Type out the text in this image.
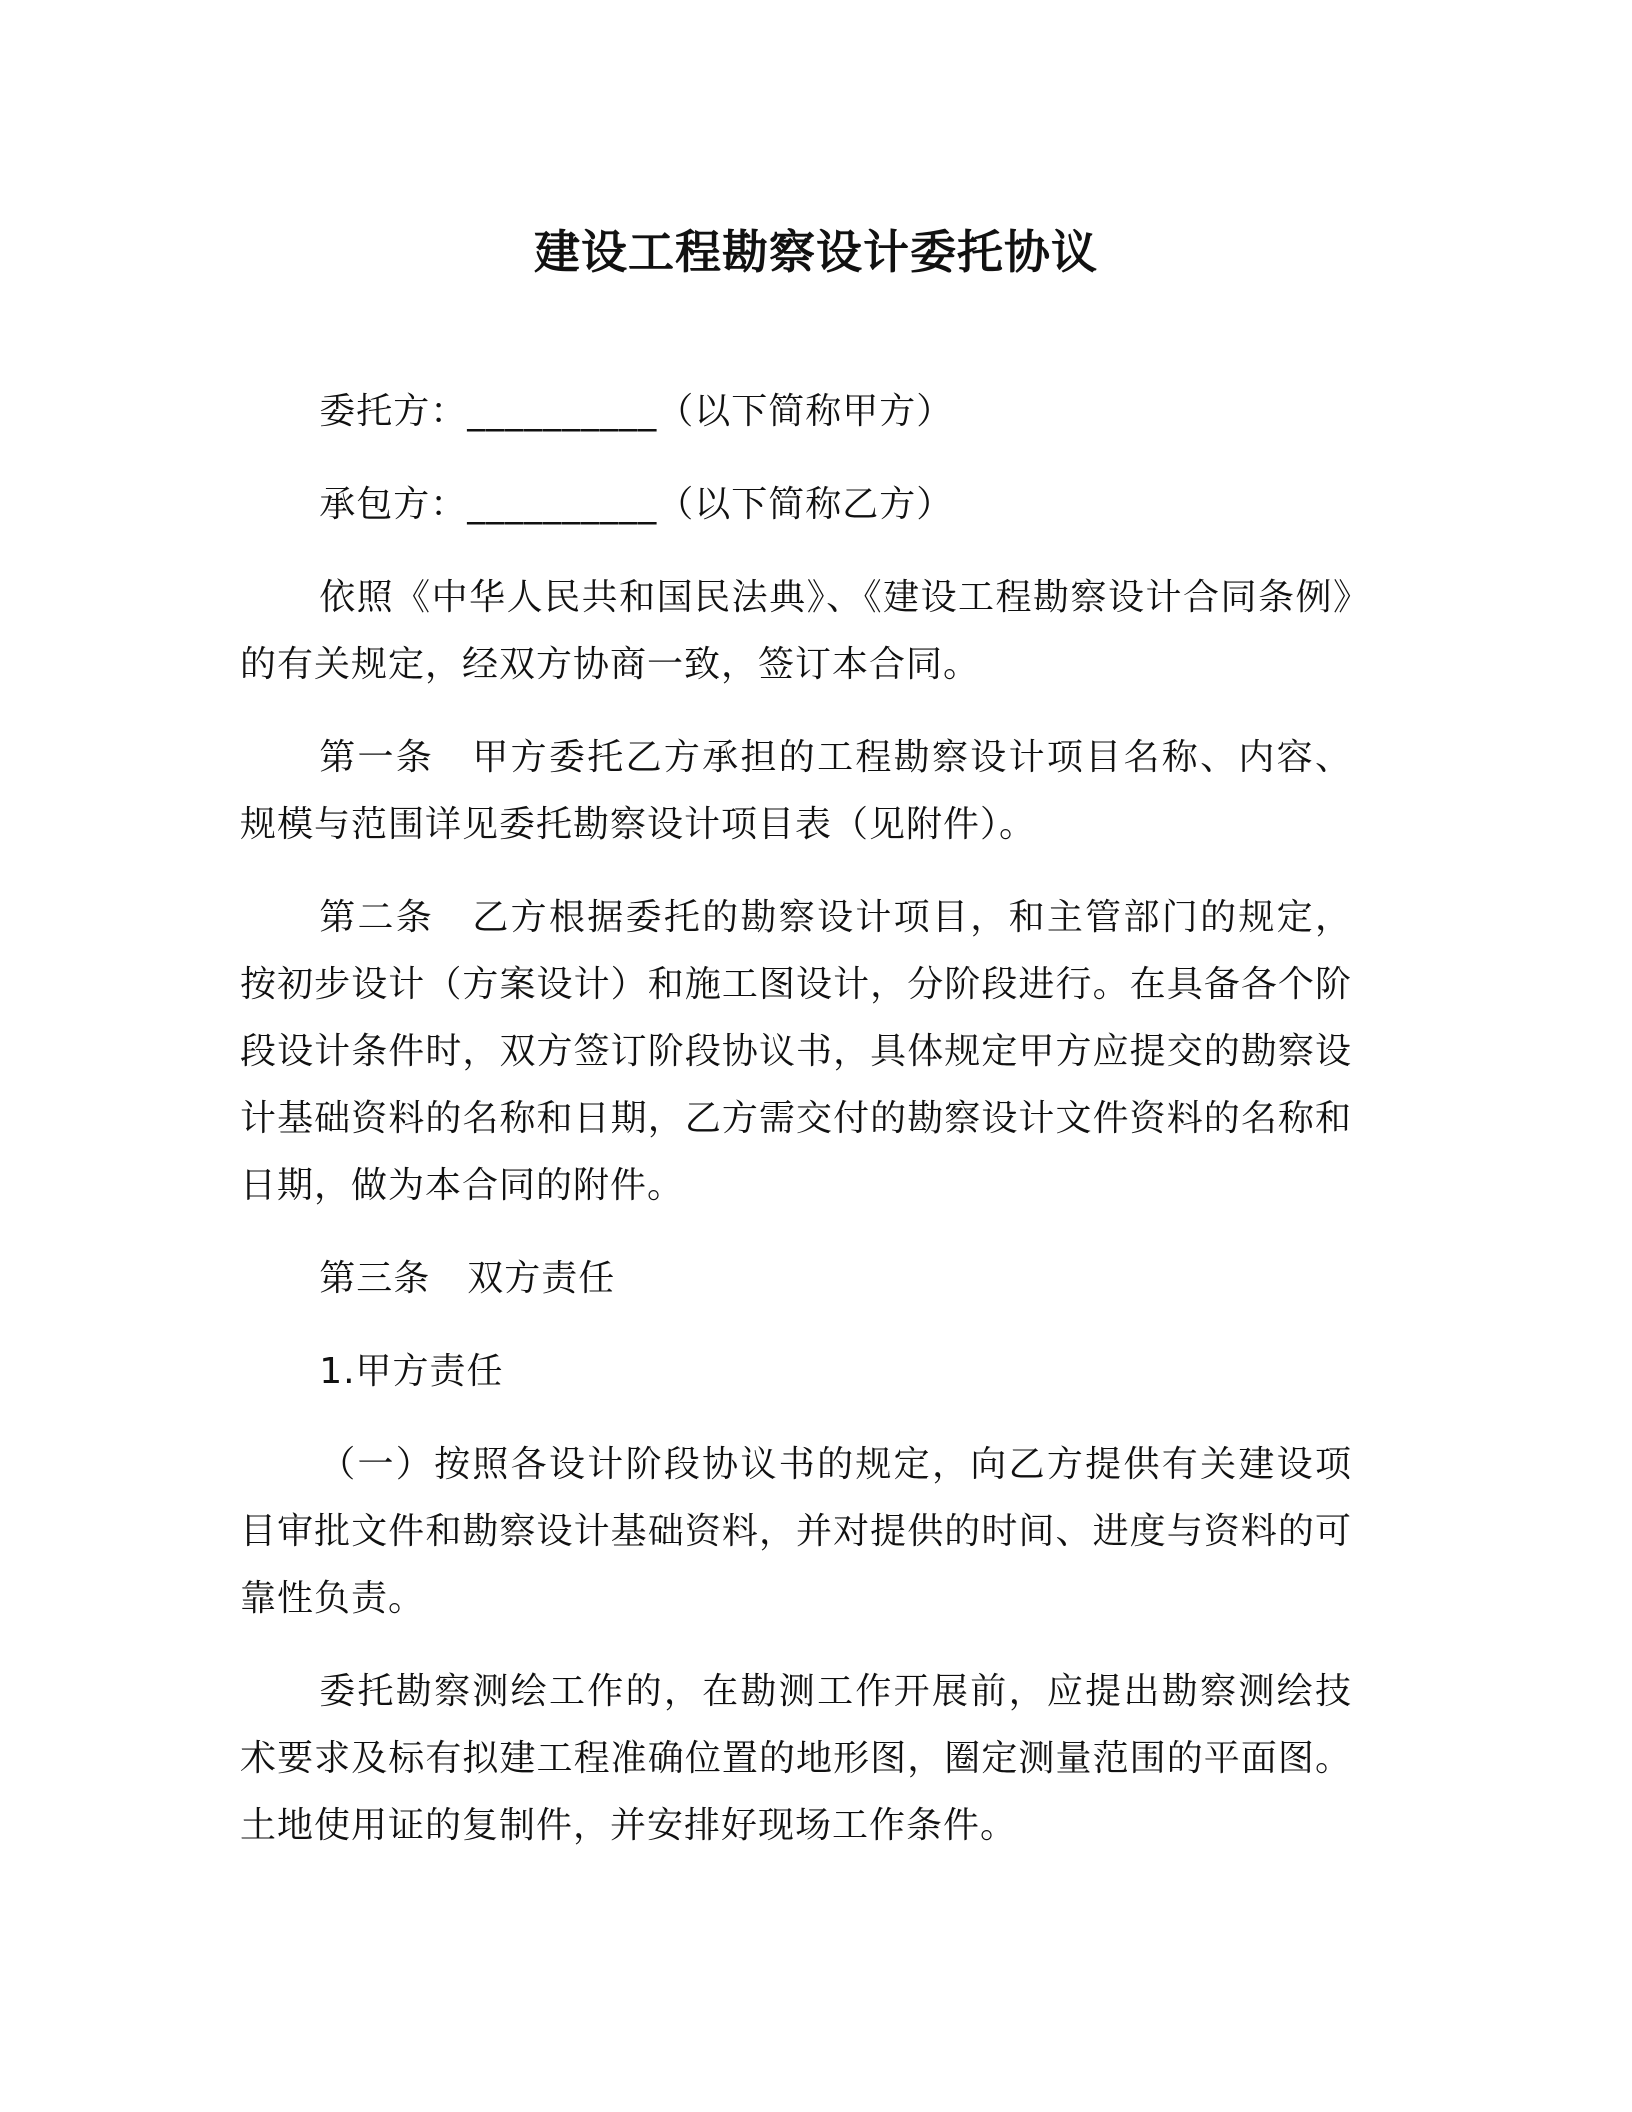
建设工程勘察设计委托协议

委托方：__________（以下简称甲方）

承包方：__________（以下简称乙方）

依照《中华人民共和国民法典》、《建设工程勘察设计合同条例》的有关规定，经双方协商一致，签订本合同。

第一条　甲方委托乙方承担的工程勘察设计项目名称、内容、规模与范围详见委托勘察设计项目表（见附件）。

第二条　乙方根据委托的勘察设计项目，和主管部门的规定，按初步设计（方案设计）和施工图设计，分阶段进行。在具备各个阶段设计条件时，双方签订阶段协议书，具体规定甲方应提交的勘察设计基础资料的名称和日期，乙方需交付的勘察设计文件资料的名称和日期，做为本合同的附件。

第三条　双方责任

1.甲方责任

（一）按照各设计阶段协议书的规定，向乙方提供有关建设项目审批文件和勘察设计基础资料，并对提供的时间、进度与资料的可靠性负责。

委托勘察测绘工作的，在勘测工作开展前，应提出勘察测绘技术要求及标有拟建工程准确位置的地形图，圈定测量范围的平面图。土地使用证的复制件，并安排好现场工作条件。
